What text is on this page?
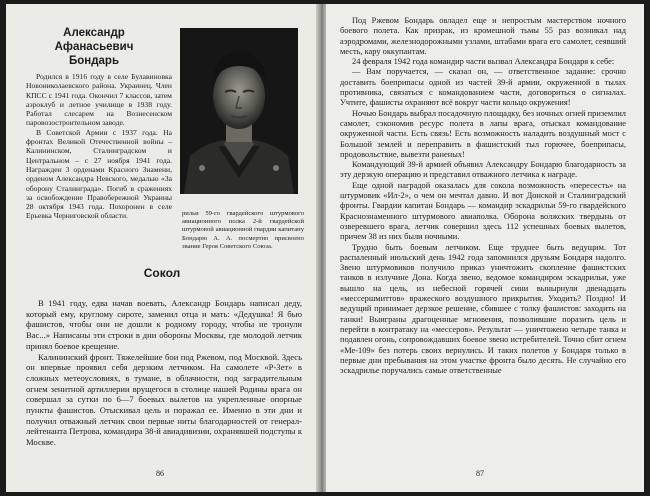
Александр
Афанасьевич
Бондарь

Родился в 1916 году в селе Булавиновка Новониколаевского района. Украинец. Член КПСС с 1941 года. Окончил 7 классов, затем аэроклуб и летное училище в 1938 году. Работал слесарем на Вознесенском паровозостроительном заводе.

В Советской Армии с 1937 года. На фронтах Великой Отечественной войны – Калининском, Сталинградском и Центральном – с 27 ноября 1941 года. Награжден 3 орденами Красного Знамени, орденом Александра Невского, медалью «За оборону Сталинграда». Погиб в сражениях за освобождение Правобережной Украины 28 октября 1943 года. Похоронен в селе Ерьевка Черниговской области.	рильи 59-го гвардейского штурмового авиационного полка 2-й гвардейской штурмовой авиационной гвардии капитану Бондарю А. А. посмертно присвоено звание Героя Советского Союза.
Сокол

В 1941 году, едва начав воевать, Александр Бондарь написал деду, который ему, круглому сироте, заменил отца и мать: «Дедушка! Я бью фашистов, чтобы они не дошли к родному городу, чтобы не тронули Вас...» Написаны эти строки в дни обороны Москвы, где молодой летчик принял боевое крещение.

Калининский фронт. Тяжелейшие бои под Ржевом, под Москвой. Здесь он впервые проявил себя дерзким летчиком. На самолете «Р-Зет» в сложных метеоусловиях, в тумане, в облачности, под заградительным огнем зенитной артиллерии врущегося в столице нашей Родины врага он совершал за сутки по 6—7 боевых вылетов на укрепленные опорные пункты фашистов. Отыскивал цель и поражал ее. Именно в эти дни и получил отважный летчик свои первые ниты благодарностей от генерал-лейтенанта Петрова, командира 38-й авиадивизии, охранявшей подступы к Москве.

86

Под Ржевом Бондарь овладел еще и непростым мастерством ночного боевого полета. Как призрак, из кромешной тьмы 55 раз возникал над аэродромами, железнодорожными узлами, штабами врага его самолет, сеявший месть, кару оккупантам.

24 февраля 1942 года командир части вызвал Александра Бондаря к себе:

— Вам поручается, — сказал он, — ответственное задание: срочно доставить боеприпасы одной из частей 39-й армии, окруженной в тылах противника, связаться с командованием части, договориться о сигналах. Учтите, фашисты охраняют всё вокруг части кольцо окружения!

Ночью Бондарь выбрал посадочную площадку, без ночных огней приземлил самолет, сэкономив ресурс полета в лапы врага, отыскал командование окруженной части. Есть связь! Есть возможность наладить воздушный мост с Большой землей и переправить в фашистский тыл горючее, боеприпасы, продовольствие, вывезти раненых!

Командующий 39-й армией объявил Александру Бондарю благодарность за эту дерзкую операцию и представил отважного летчика к награде.

Еще одной наградой оказалась для сокола возможность «пересесть» на штурмовик «Ил-2», о чем он мечтал давно. И вот Донской и Сталинградский фронты. Гвардии капитан Бондарь — командир эскадрильи 59-го гвардейского Краснознаменного штурмового авиаполка. Оборона волжских твердынь от озверевшего врага, летчик совершил здесь 112 успешных боевых вылетов, причем 38 из них были ночными.

Трудно быть боевым летчиком. Еще труднее быть ведущим. Тот распаленный июльский день 1942 года запомнился друзьям Бондаря надолго. Звено штурмовиков получило приказ уничтожить скопление фашистских танков в излучине Дона. Когда звено, ведомое командиром эскадрильи, уже вышло на цель, из небесной горячей сини вынырнули двенадцать «мессершмиттов» вражеского воздушного прикрытия. Уходить? Поздно! И ведущий принимает дерзкое решение, сбившее с толку фашистов: заходить на танки! Выиграны драгоценные мгновения, позволившие поразить цель и перейти в контратаку на «мессеров». Результат — уничтожено четыре танка и подавлен огонь, сопровождавших боевое звено истребителей. Точно сбит огнем «Ме-109» без потерь своих вернулись. И таких полетов у Бондаря только в первые дни пребывания на этом участке фронта было десять. Не случайно его эскадрилье поручались самые ответственные

87
